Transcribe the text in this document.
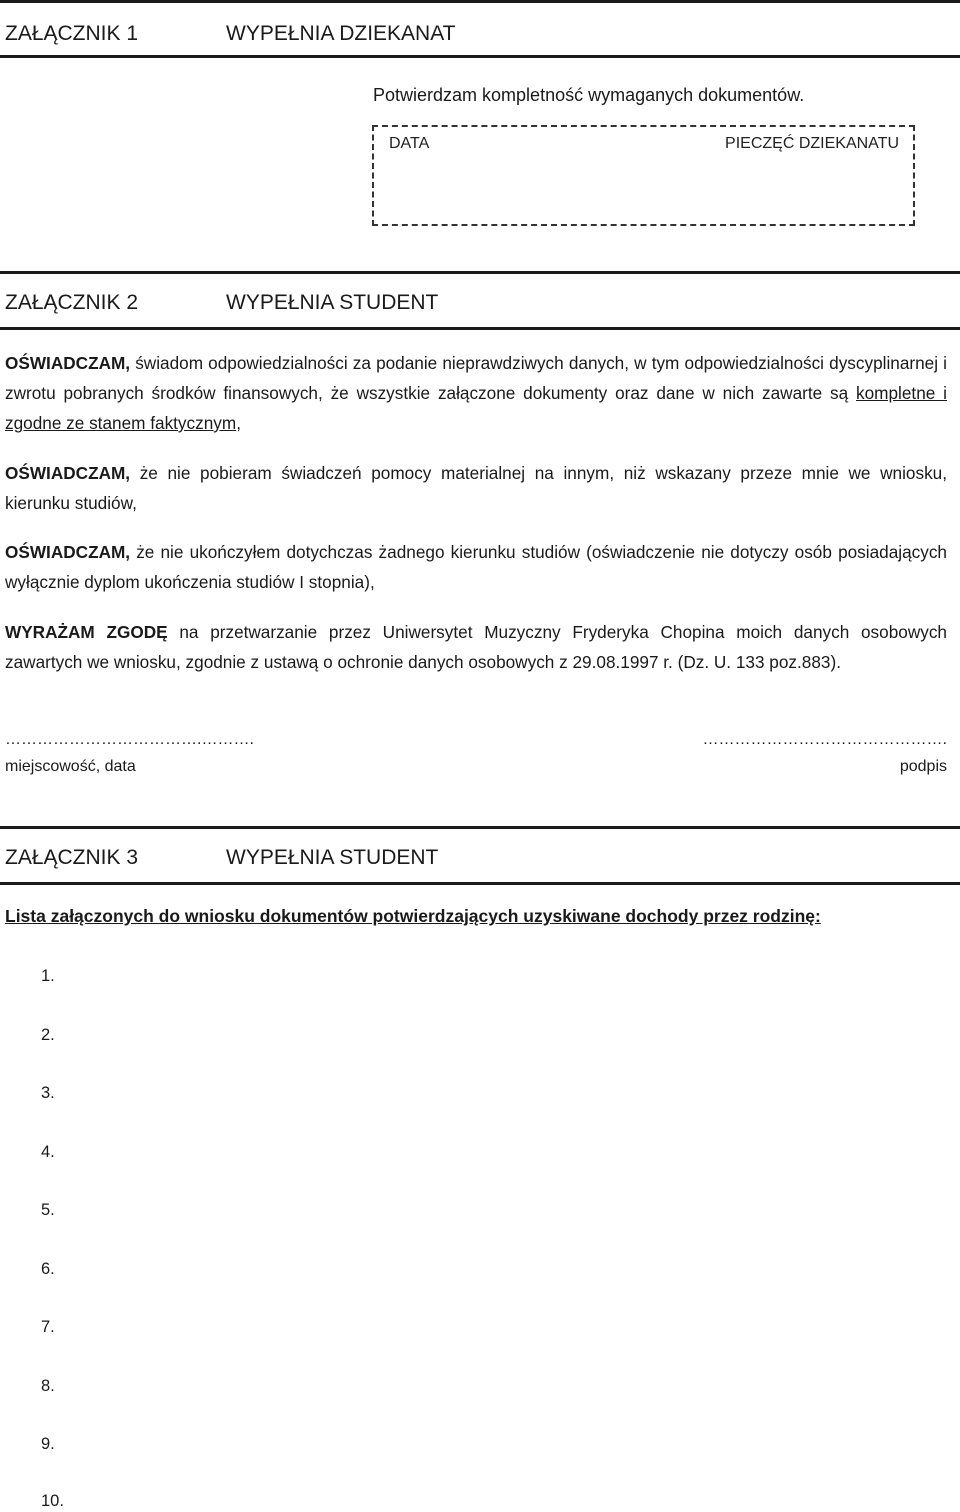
ZAŁĄCZNIK 1	WYPEŁNIA DZIEKANAT
Potwierdzam kompletność wymaganych dokumentów.
DATA	PIECZĘĆ DZIEKANATU
ZAŁĄCZNIK 2	WYPEŁNIA STUDENT
OŚWIADCZAM, świadom odpowiedzialności za podanie nieprawdziwych danych, w tym odpowiedzialności dyscyplinarnej i zwrotu pobranych środków finansowych, że wszystkie załączone dokumenty oraz dane w nich zawarte są kompletne i zgodne ze stanem faktycznym,
OŚWIADCZAM, że nie pobieram świadczeń pomocy materialnej na innym, niż wskazany przeze mnie we wniosku, kierunku studiów,
OŚWIADCZAM, że nie ukończyłem dotychczas żadnego kierunku studiów (oświadczenie nie dotyczy osób posiadających wyłącznie dyplom ukończenia studiów I stopnia),
WYRAŻAM ZGODĘ na przetwarzanie przez Uniwersytet Muzyczny Fryderyka Chopina moich danych osobowych zawartych we wniosku, zgodnie z ustawą o ochronie danych osobowych z 29.08.1997 r. (Dz. U. 133 poz.883).
……………………………….……….	……………………………………….
miejscowość, data	podpis
ZAŁĄCZNIK 3	WYPEŁNIA STUDENT
Lista załączonych do wniosku dokumentów potwierdzających uzyskiwane dochody przez rodzinę:
1.
2.
3.
4.
5.
6.
7.
8.
9.
10.
